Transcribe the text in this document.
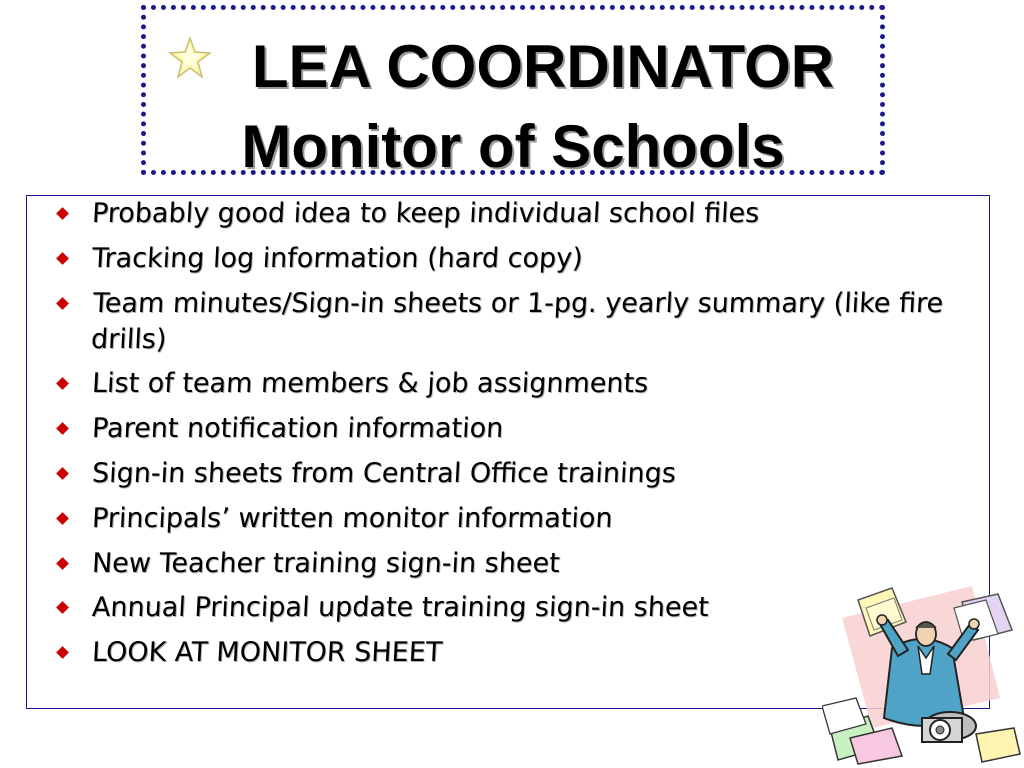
LEA COORDINATOR
Monitor of Schools
Probably good idea to keep individual school files
Tracking log information (hard copy)
Team minutes/Sign-in sheets or 1-pg. yearly summary (like fire drills)
List of team members & job assignments
Parent notification information
Sign-in sheets from Central Office trainings
Principals’ written monitor information
New Teacher training sign-in sheet
Annual Principal update training sign-in sheet
LOOK AT MONITOR SHEET
